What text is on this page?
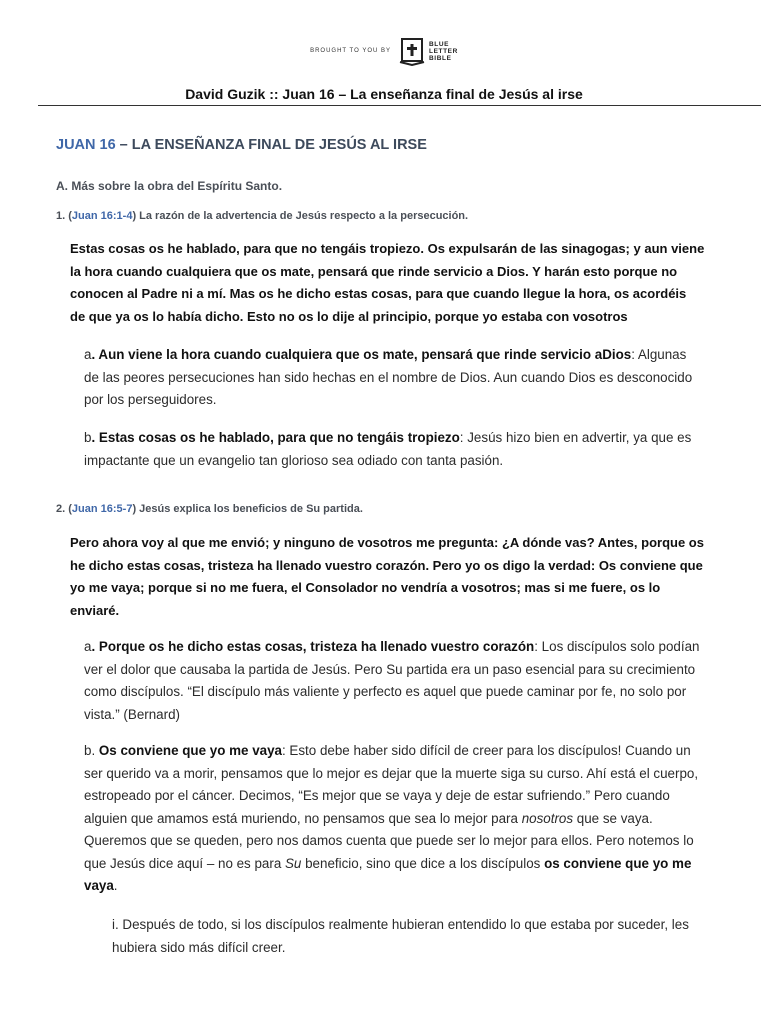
BROUGHT TO YOU BY
BLUE
LETTER
BIBLE
David Guzik :: Juan 16 – La enseñanza final de Jesús al irse
JUAN 16 – LA ENSEÑANZA FINAL DE JESÚS AL IRSE
A. Más sobre la obra del Espíritu Santo.
1. (Juan 16:1-4) La razón de la advertencia de Jesús respecto a la persecución.
Estas cosas os he hablado, para que no tengáis tropiezo. Os expulsarán de las sinagogas; y aun viene la hora cuando cualquiera que os mate, pensará que rinde servicio a Dios. Y harán esto porque no conocen al Padre ni a mí. Mas os he dicho estas cosas, para que cuando llegue la hora, os acordéis de que ya os lo había dicho. Esto no os lo dije al principio, porque yo estaba con vosotros
a. Aun viene la hora cuando cualquiera que os mate, pensará que rinde servicio aDios: Algunas de las peores persecuciones han sido hechas en el nombre de Dios. Aun cuando Dios es desconocido por los perseguidores.
b. Estas cosas os he hablado, para que no tengáis tropiezo: Jesús hizo bien en advertir, ya que es impactante que un evangelio tan glorioso sea odiado con tanta pasión.
2. (Juan 16:5-7) Jesús explica los beneficios de Su partida.
Pero ahora voy al que me envió; y ninguno de vosotros me pregunta: ¿A dónde vas? Antes, porque os he dicho estas cosas, tristeza ha llenado vuestro corazón. Pero yo os digo la verdad: Os conviene que yo me vaya; porque si no me fuera, el Consolador no vendría a vosotros; mas si me fuere, os lo enviaré.
a. Porque os he dicho estas cosas, tristeza ha llenado vuestro corazón: Los discípulos solo podían ver el dolor que causaba la partida de Jesús. Pero Su partida era un paso esencial para su crecimiento como discípulos. “El discípulo más valiente y perfecto es aquel que puede caminar por fe, no solo por vista.” (Bernard)
b. Os conviene que yo me vaya: Esto debe haber sido difícil de creer para los discípulos! Cuando un ser querido va a morir, pensamos que lo mejor es dejar que la muerte siga su curso. Ahí está el cuerpo, estropeado por el cáncer. Decimos, “Es mejor que se vaya y deje de estar sufriendo.” Pero cuando alguien que amamos está muriendo, no pensamos que sea lo mejor para nosotros que se vaya. Queremos que se queden, pero nos damos cuenta que puede ser lo mejor para ellos. Pero notemos lo que Jesús dice aquí – no es para Su beneficio, sino que dice a los discípulos os conviene que yo me vaya.
i. Después de todo, si los discípulos realmente hubieran entendido lo que estaba por suceder, les hubiera sido más difícil creer.
